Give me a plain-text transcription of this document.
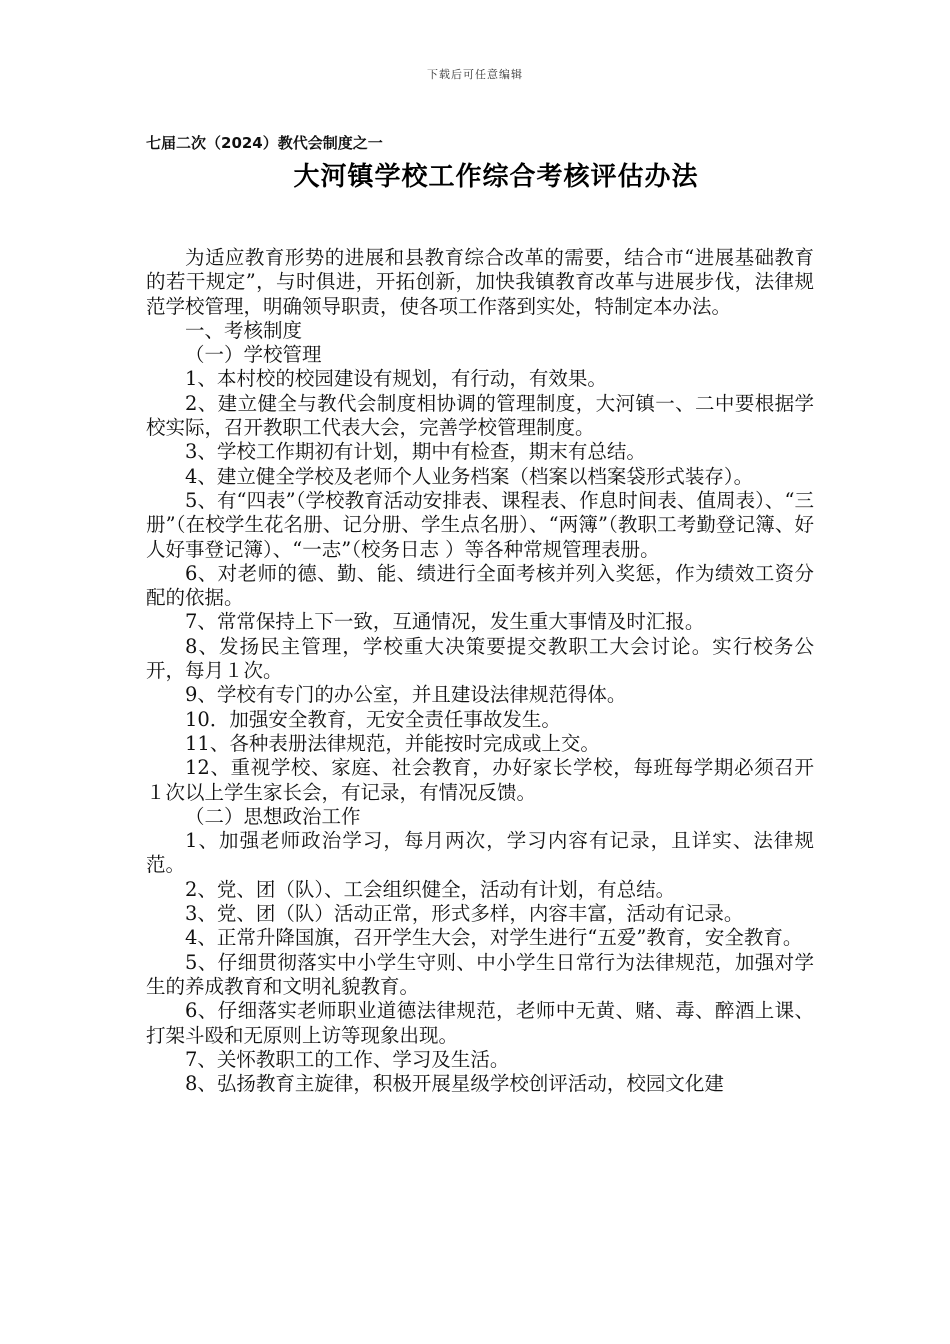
下载后可任意编辑
七届二次（2024）教代会制度之一
大河镇学校工作综合考核评估办法

为适应教育形势的进展和县教育综合改革的需要，结合市“进展基础教育的若干规定”，与时俱进，开拓创新，加快我镇教育改革与进展步伐，法律规范学校管理，明确领导职责，使各项工作落到实处，特制定本办法。

一、考核制度

（一）学校管理

1、本村校的校园建设有规划，有行动，有效果。

2、建立健全与教代会制度相协调的管理制度，大河镇一、二中要根据学校实际，召开教职工代表大会，完善学校管理制度。

3、学校工作期初有计划，期中有检查，期末有总结。

4、建立健全学校及老师个人业务档案（档案以档案袋形式装存）。

5、有“四表”（学校教育活动安排表、课程表、作息时间表、值周表）、“三册”（在校学生花名册、记分册、学生点名册）、“两簿”（教职工考勤登记簿、好人好事登记簿）、“一志”（校务日志 ）等各种常规管理表册。

6、对老师的德、勤、能、绩进行全面考核并列入奖惩，作为绩效工资分配的依据。

7、常常保持上下一致，互通情况，发生重大事情及时汇报。

8、发扬民主管理，学校重大决策要提交教职工大会讨论。实行校务公开，每月１次。

9、学校有专门的办公室，并且建设法律规范得体。

10．加强安全教育，无安全责任事故发生。

11、各种表册法律规范，并能按时完成或上交。

12、重视学校、家庭、社会教育，办好家长学校，每班每学期必须召开１次以上学生家长会，有记录，有情况反馈。

（二）思想政治工作

1、加强老师政治学习，每月两次，学习内容有记录，且详实、法律规范。

2、党、团（队）、工会组织健全，活动有计划，有总结。

3、党、团（队）活动正常，形式多样，内容丰富，活动有记录。

4、正常升降国旗，召开学生大会，对学生进行“五爱”教育，安全教育。

5、仔细贯彻落实中小学生守则、中小学生日常行为法律规范，加强对学生的养成教育和文明礼貌教育。

6、仔细落实老师职业道德法律规范，老师中无黄、赌、毒、醉酒上课、打架斗殴和无原则上访等现象出现。

7、关怀教职工的工作、学习及生活。

8、弘扬教育主旋律，积极开展星级学校创评活动，校园文化建
